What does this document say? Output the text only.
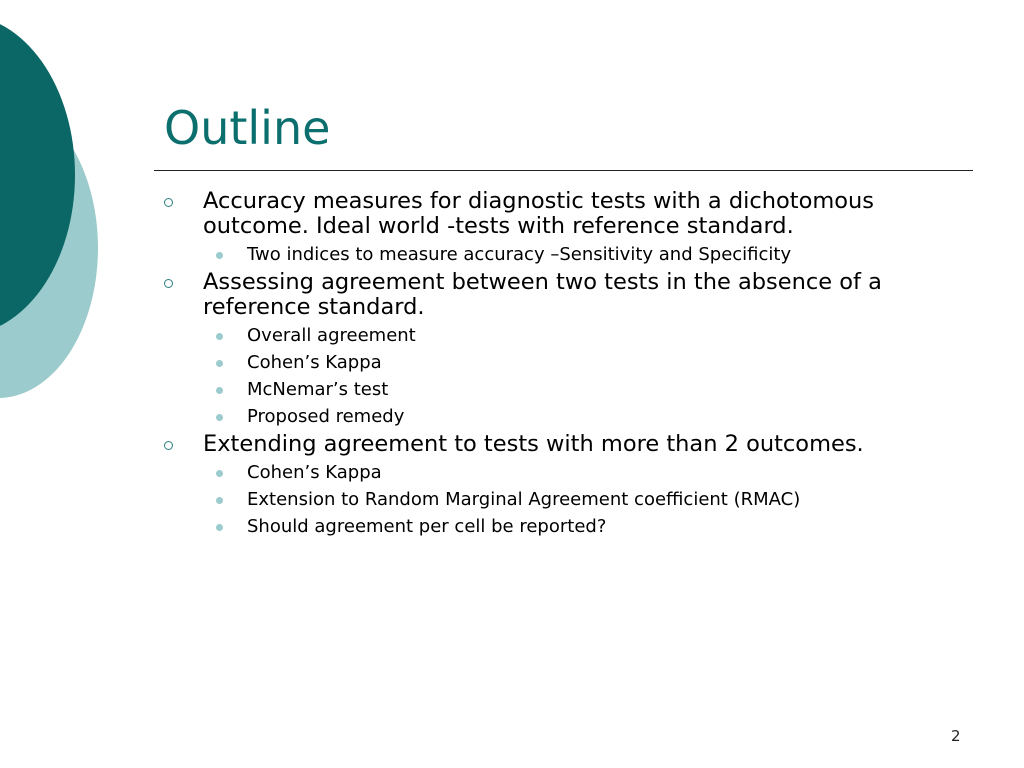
Outline
Accuracy measures for diagnostic tests with a dichotomous outcome. Ideal world -tests with reference standard.
Two indices to measure accuracy –Sensitivity and Specificity
Assessing agreement between two tests in the absence of a reference standard.
Overall agreement
Cohen’s Kappa
McNemar’s test
Proposed remedy
Extending agreement to tests with more than 2 outcomes.
Cohen’s Kappa
Extension to Random Marginal Agreement coefficient (RMAC)
Should agreement per cell be reported?
2
